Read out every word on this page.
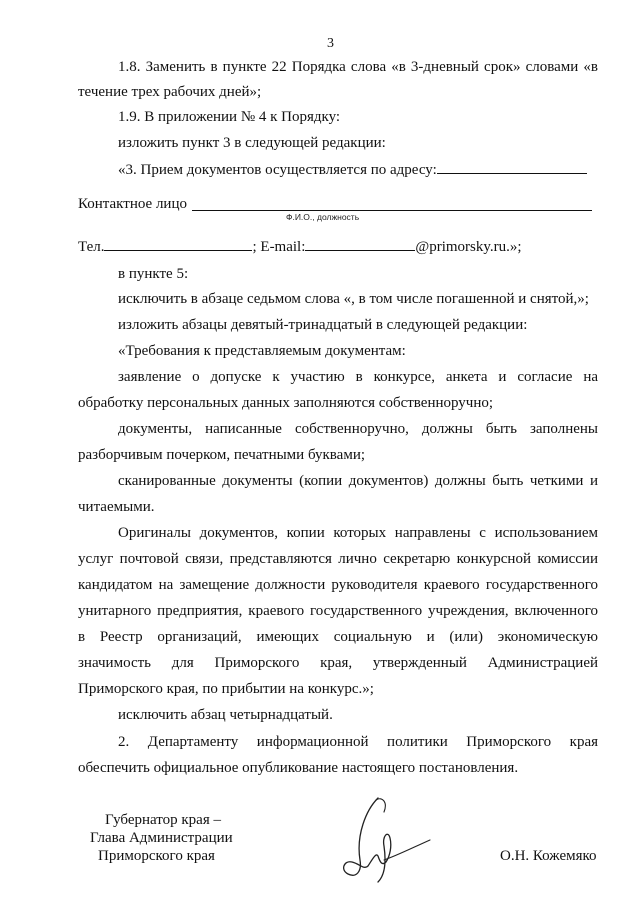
3
1.8. Заменить в пункте 22 Порядка слова «в 3-дневный срок» словами «в
течение трех рабочих дней»;
1.9. В приложении № 4 к Порядку:
изложить пункт 3 в следующей редакции:
«3. Прием документов осуществляется по адресу:
Контактное лицо
Ф.И.О., должность
Тел.	; E-mail:	@primorsky.ru.»;
в пункте 5:
исключить в абзаце седьмом слова «, в том числе погашенной и снятой,»;
изложить абзацы девятый-тринадцатый в следующей редакции:
«Требования к представляемым документам:
заявление о допуске к участию в конкурсе, анкета и согласие на
обработку персональных данных заполняются собственноручно;
документы, написанные собственноручно, должны быть заполнены
разборчивым почерком, печатными буквами;
сканированные документы (копии документов) должны быть четкими и
читаемыми.
Оригиналы документов, копии которых направлены с использованием
услуг почтовой связи, представляются лично секретарю конкурсной комиссии
кандидатом на замещение должности руководителя краевого государственного
унитарного предприятия, краевого государственного учреждения, включенного
в Реестр организаций, имеющих социальную и (или) экономическую
значимость для Приморского края, утвержденный Администрацией
Приморского края, по прибытии на конкурс.»;
исключить абзац четырнадцатый.
2. Департаменту информационной политики Приморского края
обеспечить официальное опубликование настоящего постановления.
Губернатор края –
Глава Администрации
Приморского края	О.Н. Кожемяко
